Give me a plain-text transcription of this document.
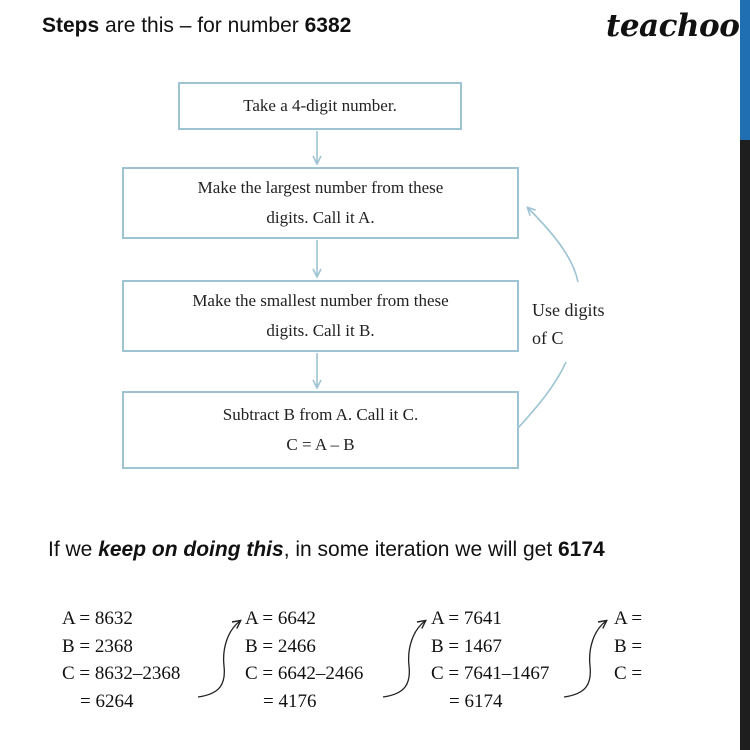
Steps are this – for number 6382	teachoo
Take a 4-digit number.
Make the largest number from these
digits. Call it A.
Make the smallest number from these
digits. Call it B.
Subtract B from A. Call it C.
C = A – B
Use digits
of C
If we keep on doing this, in some iteration we will get 6174
A = 8632
B = 2368
C = 8632–2368
= 6264
A = 6642
B = 2466
C = 6642–2466
= 4176
A = 7641
B = 1467
C = 7641–1467
= 6174
A =
B =
C =
